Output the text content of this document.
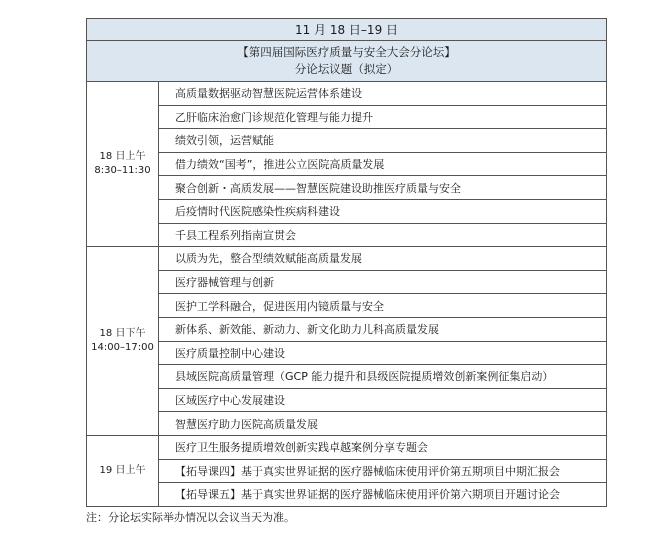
11 月 18 日–19 日	

【第四届国际医疗质量与安全大会分论坛】
分论坛议题（拟定）	

18 日上午
8:30–11:30	高质量数据驱动智慧医院运营体系建设
	乙肝临床治愈门诊规范化管理与能力提升
	绩效引领，运营赋能
	借力绩效“国考”，推进公立医院高质量发展
	聚合创新・高质发展——智慧医院建设助推医疗质量与安全
	后疫情时代医院感染性疾病科建设
	千县工程系列指南宣贯会

18 日下午
14:00–17:00	以质为先，整合型绩效赋能高质量发展
	医疗器械管理与创新
	医护工学科融合，促进医用内镜质量与安全
	新体系、新效能、新动力、新文化助力儿科高质量发展
	医疗质量控制中心建设
	县域医院高质量管理（GCP 能力提升和县级医院提质增效创新案例征集启动）
	区域医疗中心发展建设
	智慧医疗助力医院高质量发展

19 日上午	医疗卫生服务提质增效创新实践卓越案例分享专题会
	【拓导课四】基于真实世界证据的医疗器械临床使用评价第五期项目中期汇报会
	【拓导课五】基于真实世界证据的医疗器械临床使用评价第六期项目开题讨论会
注：分论坛实际举办情况以会议当天为准。
